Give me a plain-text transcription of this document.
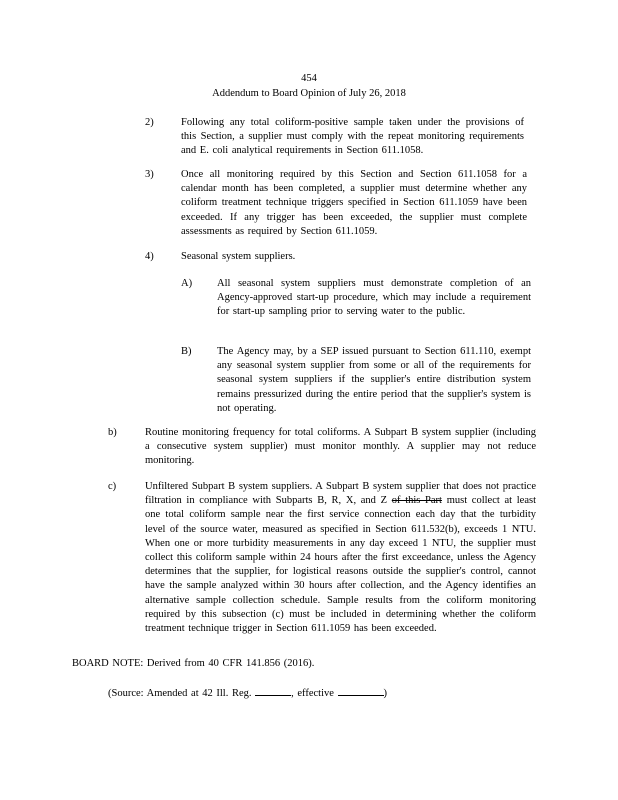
454
Addendum to Board Opinion of July 26, 2018
2)	Following any total coliform-positive sample taken under the provisions of this Section, a supplier must comply with the repeat monitoring requirements and E. coli analytical requirements in Section 611.1058.

3)	Once all monitoring required by this Section and Section 611.1058 for a calendar month has been completed, a supplier must determine whether any coliform treatment technique triggers specified in Section 611.1059 have been exceeded. If any trigger has been exceeded, the supplier must complete assessments as required by Section 611.1059.

4)	Seasonal system suppliers.

A) All seasonal system suppliers must demonstrate completion of an Agency-approved start-up procedure, which may include a requirement for start-up sampling prior to serving water to the public.

B) The Agency may, by a SEP issued pursuant to Section 611.110, exempt any seasonal system supplier from some or all of the requirements for seasonal system suppliers if the supplier's entire distribution system remains pressurized during the entire period that the supplier's system is not operating.

b)	Routine monitoring frequency for total coliforms. A Subpart B system supplier (including a consecutive system supplier) must monitor monthly. A supplier may not reduce monitoring.

c)	Unfiltered Subpart B system suppliers. A Subpart B system supplier that does not practice filtration in compliance with Subparts B, R, X, and Z of this Part must collect at least one total coliform sample near the first service connection each day that the turbidity level of the source water, measured as specified in Section 611.532(b), exceeds 1 NTU. When one or more turbidity measurements in any day exceed 1 NTU, the supplier must collect this coliform sample within 24 hours after the first exceedance, unless the Agency determines that the supplier, for logistical reasons outside the supplier's control, cannot have the sample analyzed within 30 hours after collection, and the Agency identifies an alternative sample collection schedule. Sample results from the coliform monitoring required by this subsection (c) must be included in determining whether the coliform treatment technique trigger in Section 611.1059 has been exceeded.

BOARD NOTE: Derived from 40 CFR 141.856 (2016).

(Source: Amended at 42 Ill. Reg.	, effective	)
